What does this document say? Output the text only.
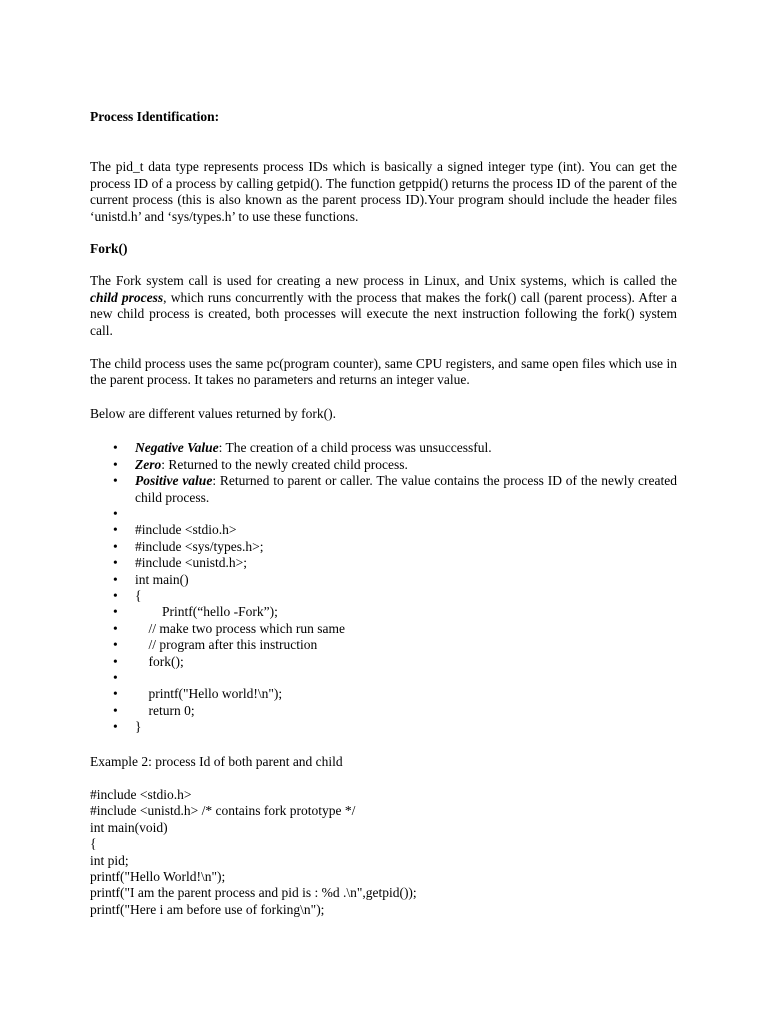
Process Identification:

The pid_t data type represents process IDs which is basically a signed integer type (int). You can get the process ID of a process by calling getpid(). The function getppid() returns the process ID of the parent of the current process (this is also known as the parent process ID).Your program should include the header files ‘unistd.h’ and ‘sys/types.h’ to use these functions.

Fork()

The Fork system call is used for creating a new process in Linux, and Unix systems, which is called the child process, which runs concurrently with the process that makes the fork() call (parent process). After a new child process is created, both processes will execute the next instruction following the fork() system call.

The child process uses the same pc(program counter), same CPU registers, and same open files which use in the parent process. It takes no parameters and returns an integer value.

Below are different values returned by fork().

• Negative Value: The creation of a child process was unsuccessful.
• Zero: Returned to the newly created child process.
• Positive value: Returned to parent or caller. The value contains the process ID of the newly created child process.
•
• #include <stdio.h>
• #include <sys/types.h>;
• #include <unistd.h>;
• int main()
• {
• Printf(“hello -Fork”);
• // make two process which run same
• // program after this instruction
• fork();
•
• printf("Hello world!\n");
• return 0;
• }

Example 2: process Id of both parent and child

#include <stdio.h>

#include <unistd.h> /* contains fork prototype */

int main(void)

{

int pid;

printf("Hello World!\n");

printf("I am the parent process and pid is : %d .\n",getpid());

printf("Here i am before use of forking\n");
